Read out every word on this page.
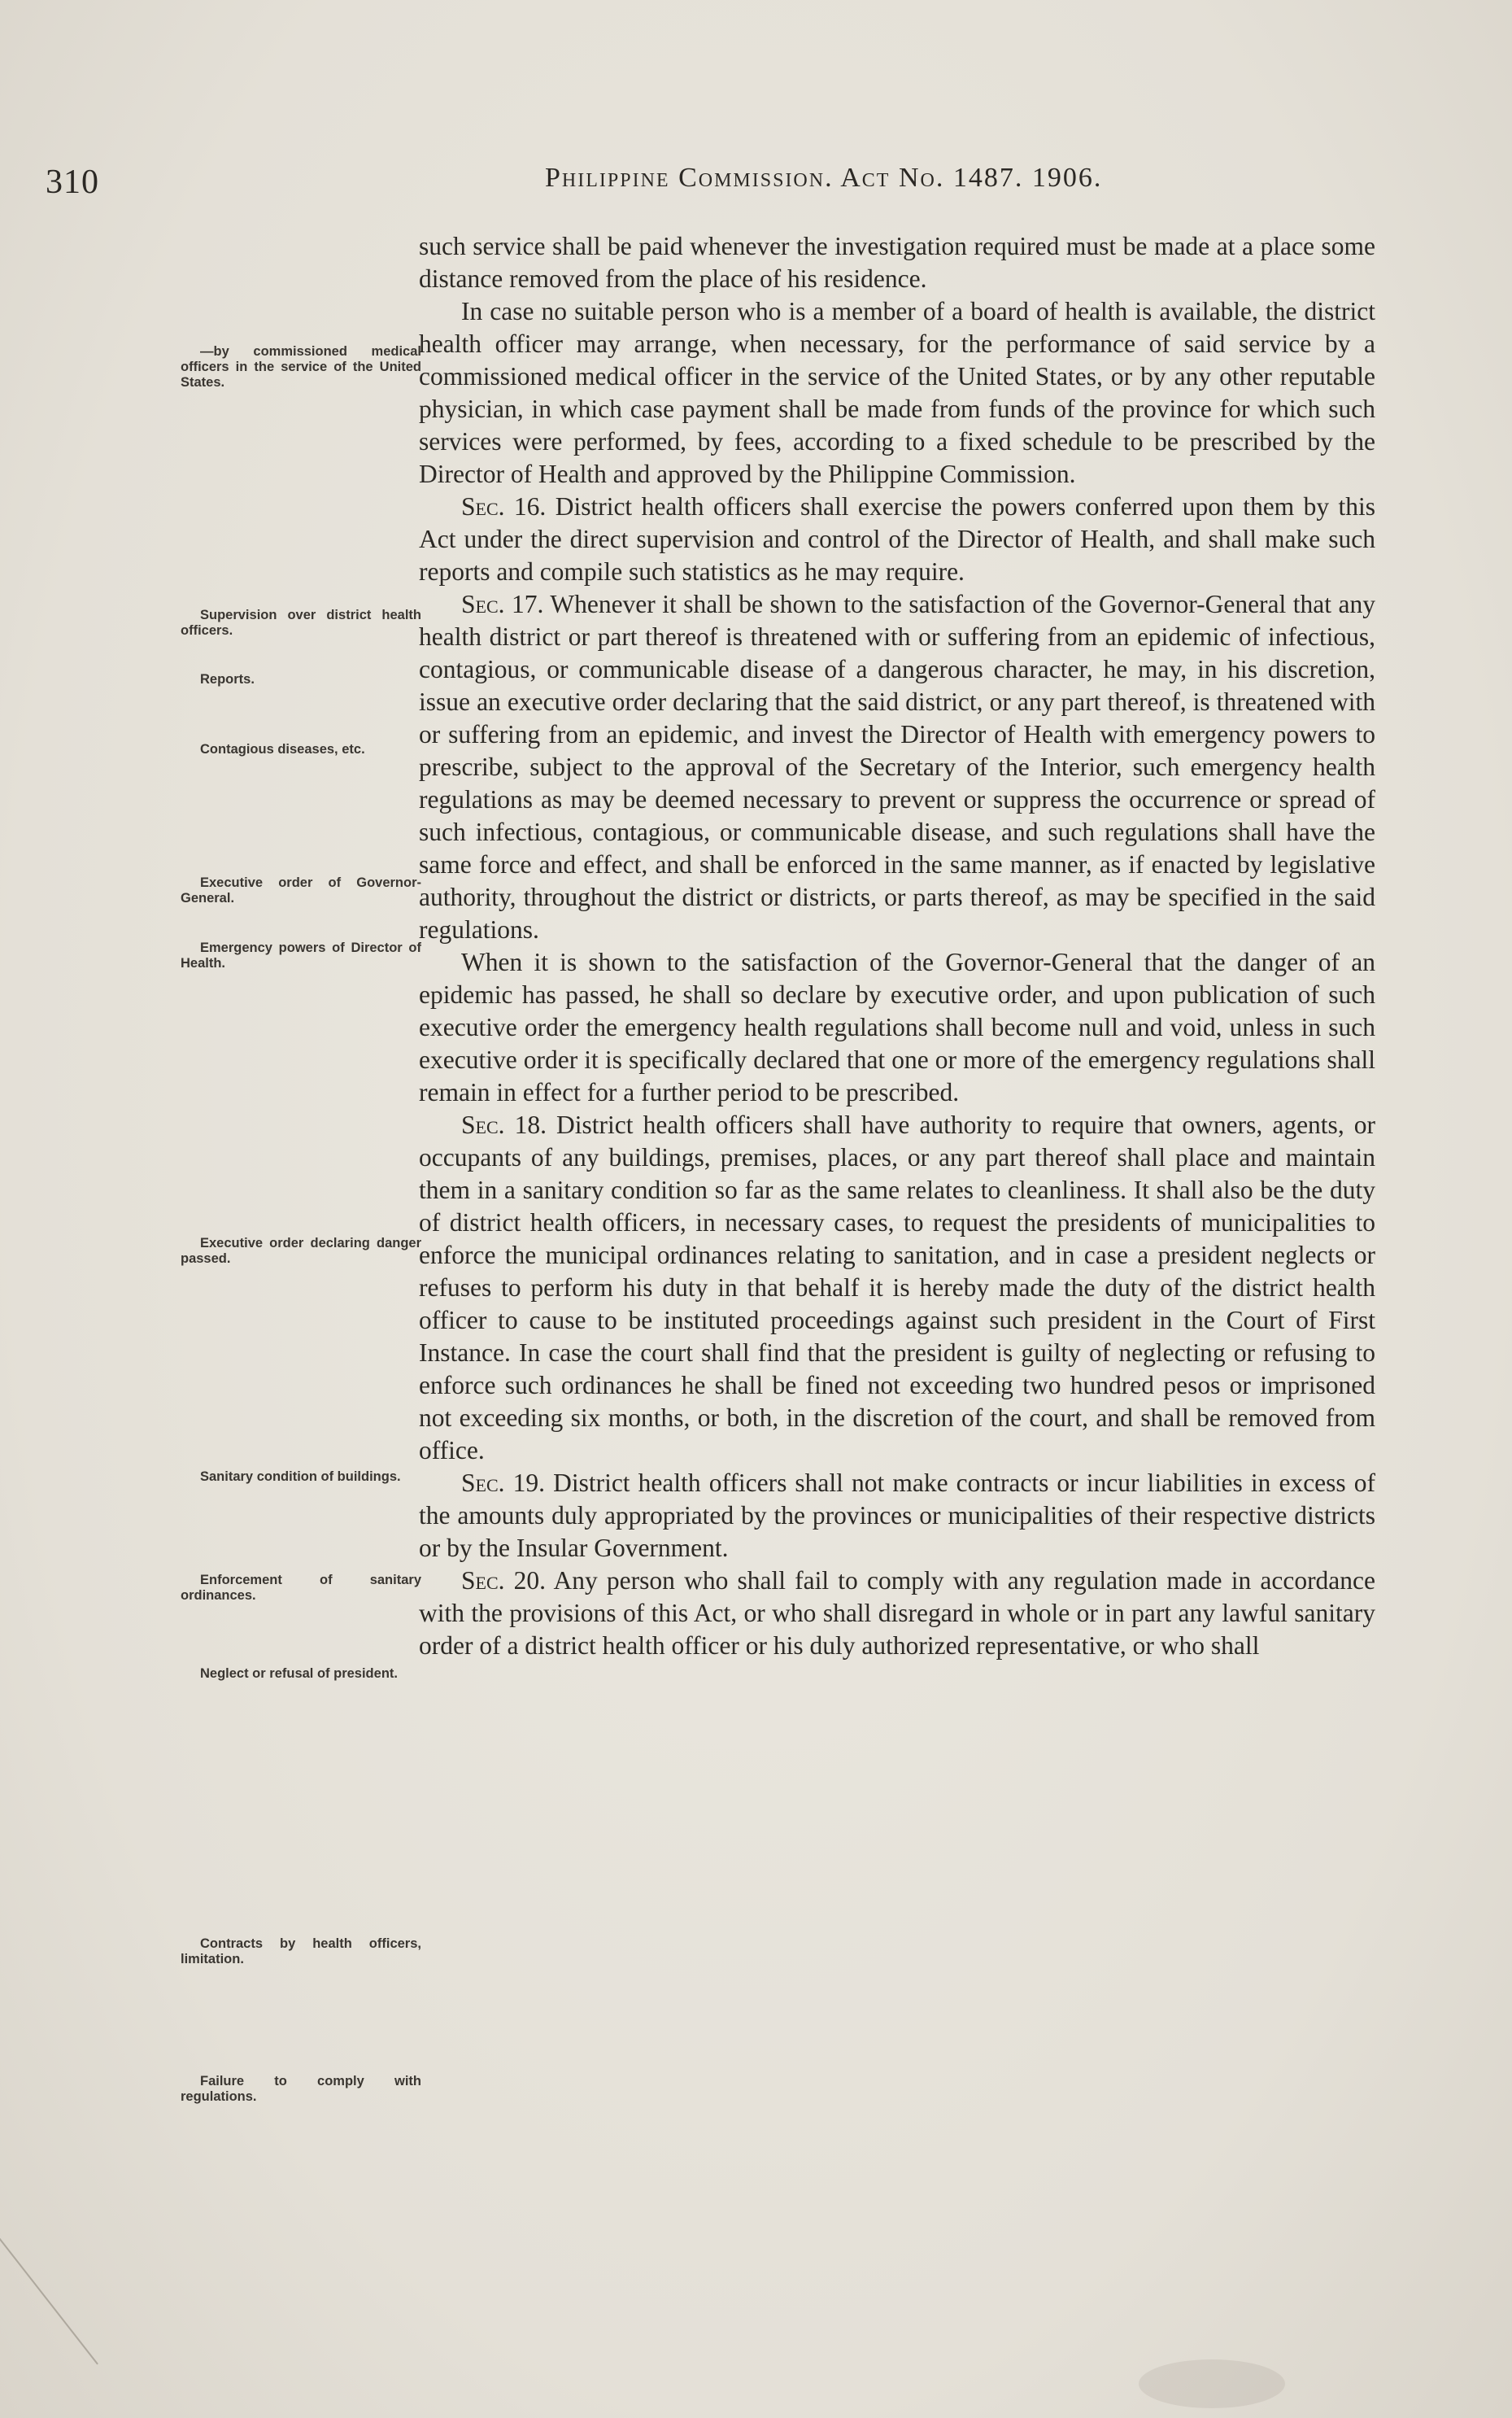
310	Philippine Commission. Act No. 1487. 1906.
—by commissioned medical officers in the service of the United States.
Supervision over district health officers.
Reports.
Contagious diseases, etc.
Executive order of Governor-General.
Emergency powers of Director of Health.
Executive order declaring danger passed.
Sanitary condition of buildings.
Enforcement of sanitary ordinances.
Neglect or refusal of president.
Contracts by health officers, limitation.
Failure to comply with regulations.

such service shall be paid whenever the investigation required must be made at a place some distance removed from the place of his residence.

In case no suitable person who is a member of a board of health is available, the district health officer may arrange, when necessary, for the performance of said service by a commissioned medical officer in the service of the United States, or by any other reputable physician, in which case payment shall be made from funds of the province for which such services were performed, by fees, according to a fixed schedule to be prescribed by the Director of Health and approved by the Philippine Commission.

Sec. 16. District health officers shall exercise the powers conferred upon them by this Act under the direct supervision and control of the Director of Health, and shall make such reports and compile such statistics as he may require.

Sec. 17. Whenever it shall be shown to the satisfaction of the Governor-General that any health district or part thereof is threatened with or suffering from an epidemic of infectious, contagious, or communicable disease of a dangerous character, he may, in his discretion, issue an executive order declaring that the said district, or any part thereof, is threatened with or suffering from an epidemic, and invest the Director of Health with emergency powers to prescribe, subject to the approval of the Secretary of the Interior, such emergency health regulations as may be deemed necessary to prevent or suppress the occurrence or spread of such infectious, contagious, or communicable disease, and such regulations shall have the same force and effect, and shall be enforced in the same manner, as if enacted by legislative authority, throughout the district or districts, or parts thereof, as may be specified in the said regulations.

When it is shown to the satisfaction of the Governor-General that the danger of an epidemic has passed, he shall so declare by executive order, and upon publication of such executive order the emergency health regulations shall become null and void, unless in such executive order it is specifically declared that one or more of the emergency regulations shall remain in effect for a further period to be prescribed.

Sec. 18. District health officers shall have authority to require that owners, agents, or occupants of any buildings, premises, places, or any part thereof shall place and maintain them in a sanitary condition so far as the same relates to cleanliness. It shall also be the duty of district health officers, in necessary cases, to request the presidents of municipalities to enforce the municipal ordinances relating to sanitation, and in case a president neglects or refuses to perform his duty in that behalf it is hereby made the duty of the district health officer to cause to be instituted proceedings against such president in the Court of First Instance. In case the court shall find that the president is guilty of neglecting or refusing to enforce such ordinances he shall be fined not exceeding two hundred pesos or imprisoned not exceeding six months, or both, in the discretion of the court, and shall be removed from office.

Sec. 19. District health officers shall not make contracts or incur liabilities in excess of the amounts duly appropriated by the provinces or municipalities of their respective districts or by the Insular Government.

Sec. 20. Any person who shall fail to comply with any regulation made in accordance with the provisions of this Act, or who shall disregard in whole or in part any lawful sanitary order of a district health officer or his duly authorized representative, or who shall
